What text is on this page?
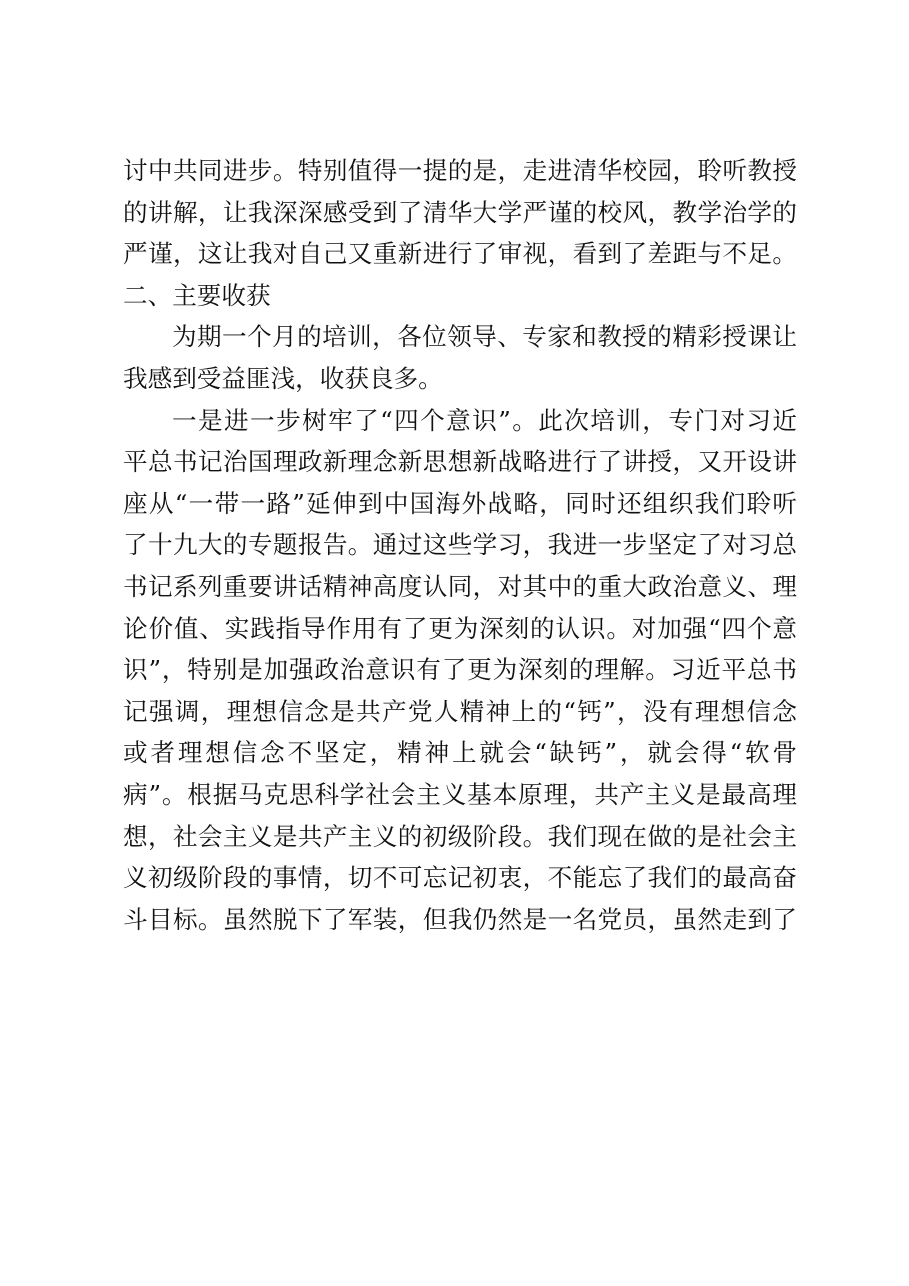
讨中共同进步。特别值得一提的是，走进清华校园，聆听教授
的讲解，让我深深感受到了清华大学严谨的校风，教学治学的
严谨，这让我对自己又重新进行了审视，看到了差距与不足。
二、主要收获
为期一个月的培训，各位领导、专家和教授的精彩授课让
我感到受益匪浅，收获良多。
一是进一步树牢了“四个意识”。此次培训，专门对习近
平总书记治国理政新理念新思想新战略进行了讲授，又开设讲
座从“一带一路”延伸到中国海外战略，同时还组织我们聆听
了十九大的专题报告。通过这些学习，我进一步坚定了对习总
书记系列重要讲话精神高度认同，对其中的重大政治意义、理
论价值、实践指导作用有了更为深刻的认识。对加强“四个意
识”，特别是加强政治意识有了更为深刻的理解。习近平总书
记强调，理想信念是共产党人精神上的“钙”，没有理想信念
或者理想信念不坚定，精神上就会“缺钙”，就会得“软骨
病”。根据马克思科学社会主义基本原理，共产主义是最高理
想，社会主义是共产主义的初级阶段。我们现在做的是社会主
义初级阶段的事情，切不可忘记初衷，不能忘了我们的最高奋
斗目标。虽然脱下了军装，但我仍然是一名党员，虽然走到了
